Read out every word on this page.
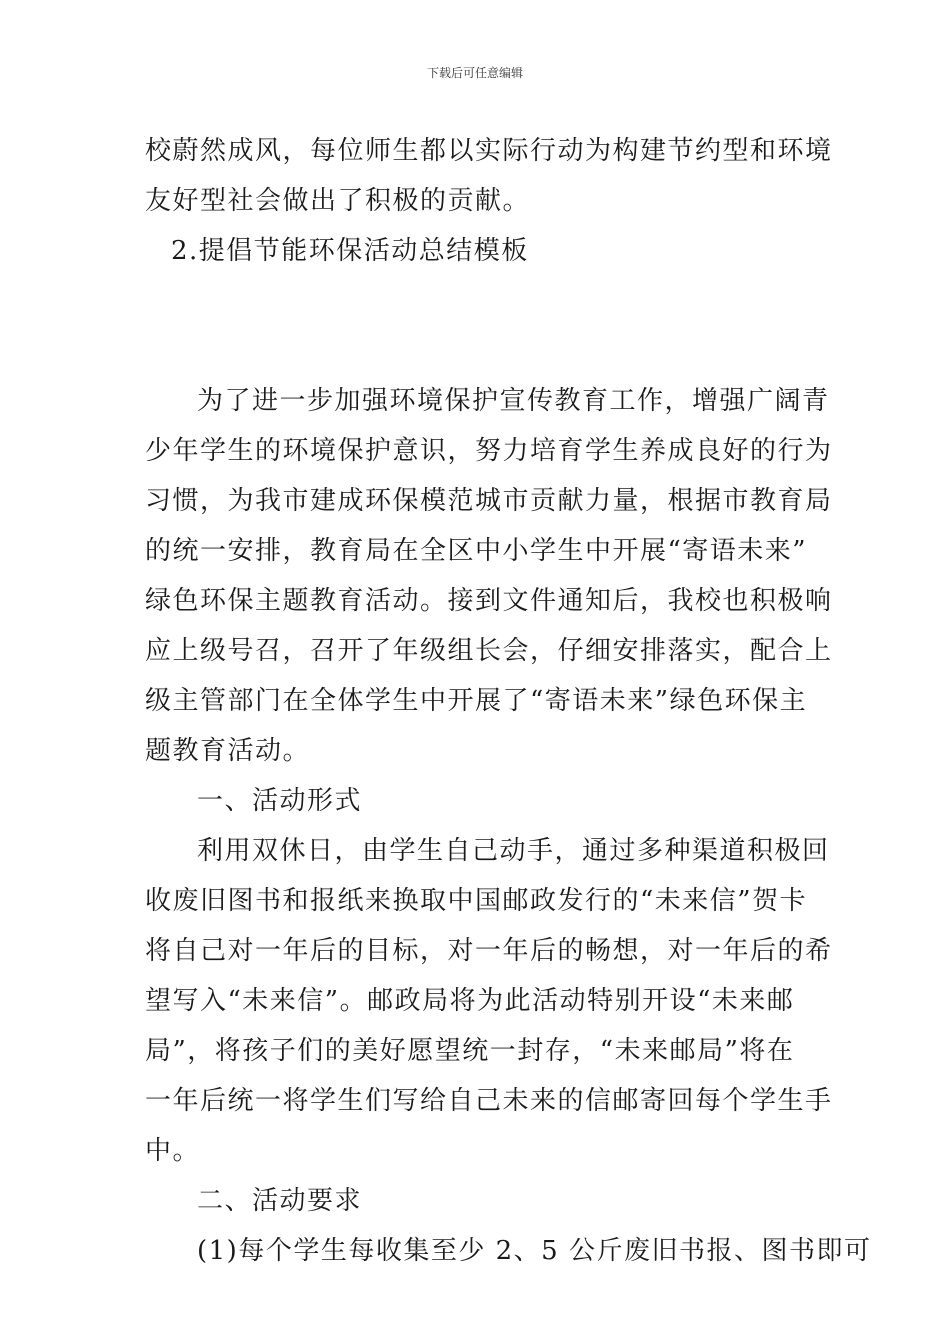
下载后可任意编辑
校蔚然成风，每位师生都以实际行动为构建节约型和环境
友好型社会做出了积极的贡献。
2.提倡节能环保活动总结模板
为了进一步加强环境保护宣传教育工作，增强广阔青
少年学生的环境保护意识，努力培育学生养成良好的行为
习惯，为我市建成环保模范城市贡献力量，根据市教育局
的统一安排，教育局在全区中小学生中开展“寄语未来”
绿色环保主题教育活动。接到文件通知后，我校也积极响
应上级号召，召开了年级组长会，仔细安排落实，配合上
级主管部门在全体学生中开展了“寄语未来”绿色环保主
题教育活动。
一、活动形式
利用双休日，由学生自己动手，通过多种渠道积极回
收废旧图书和报纸来换取中国邮政发行的“未来信”贺卡
将自己对一年后的目标，对一年后的畅想，对一年后的希
望写入“未来信”。邮政局将为此活动特别开设“未来邮
局”，将孩子们的美好愿望统一封存，“未来邮局”将在
一年后统一将学生们写给自己未来的信邮寄回每个学生手
中。
二、活动要求
(1)每个学生每收集至少 2、5 公斤废旧书报、图书即可
